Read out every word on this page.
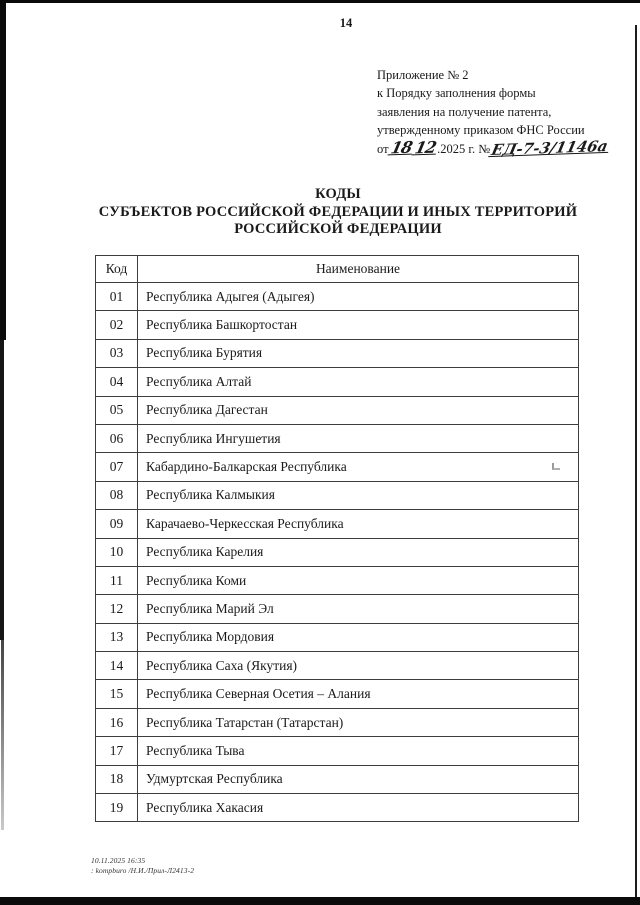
14
Приложение № 2
к Порядку заполнения формы
заявления на получение патента,
утвержденному приказом ФНС России
от1812.2025 г. №ЕД-7-3/1146а
КОДЫ
СУБЪЕКТОВ РОССИЙСКОЙ ФЕДЕРАЦИИ И ИНЫХ ТЕРРИТОРИЙ
РОССИЙСКОЙ ФЕДЕРАЦИИ
Код	Наименование
01	Республика Адыгея (Адыгея)
02	Республика Башкортостан
03	Республика Бурятия
04	Республика Алтай
05	Республика Дагестан
06	Республика Ингушетия
07	Кабардино-Балкарская Республика
08	Республика Калмыкия
09	Карачаево-Черкесская Республика
10	Республика Карелия
11	Республика Коми
12	Республика Марий Эл
13	Республика Мордовия
14	Республика Саха (Якутия)
15	Республика Северная Осетия – Алания
16	Республика Татарстан (Татарстан)
17	Республика Тыва
18	Удмуртская Республика
19	Республика Хакасия
10.11.2025 16:35
: kompburo /Н.И./Прил-Л2413-2
